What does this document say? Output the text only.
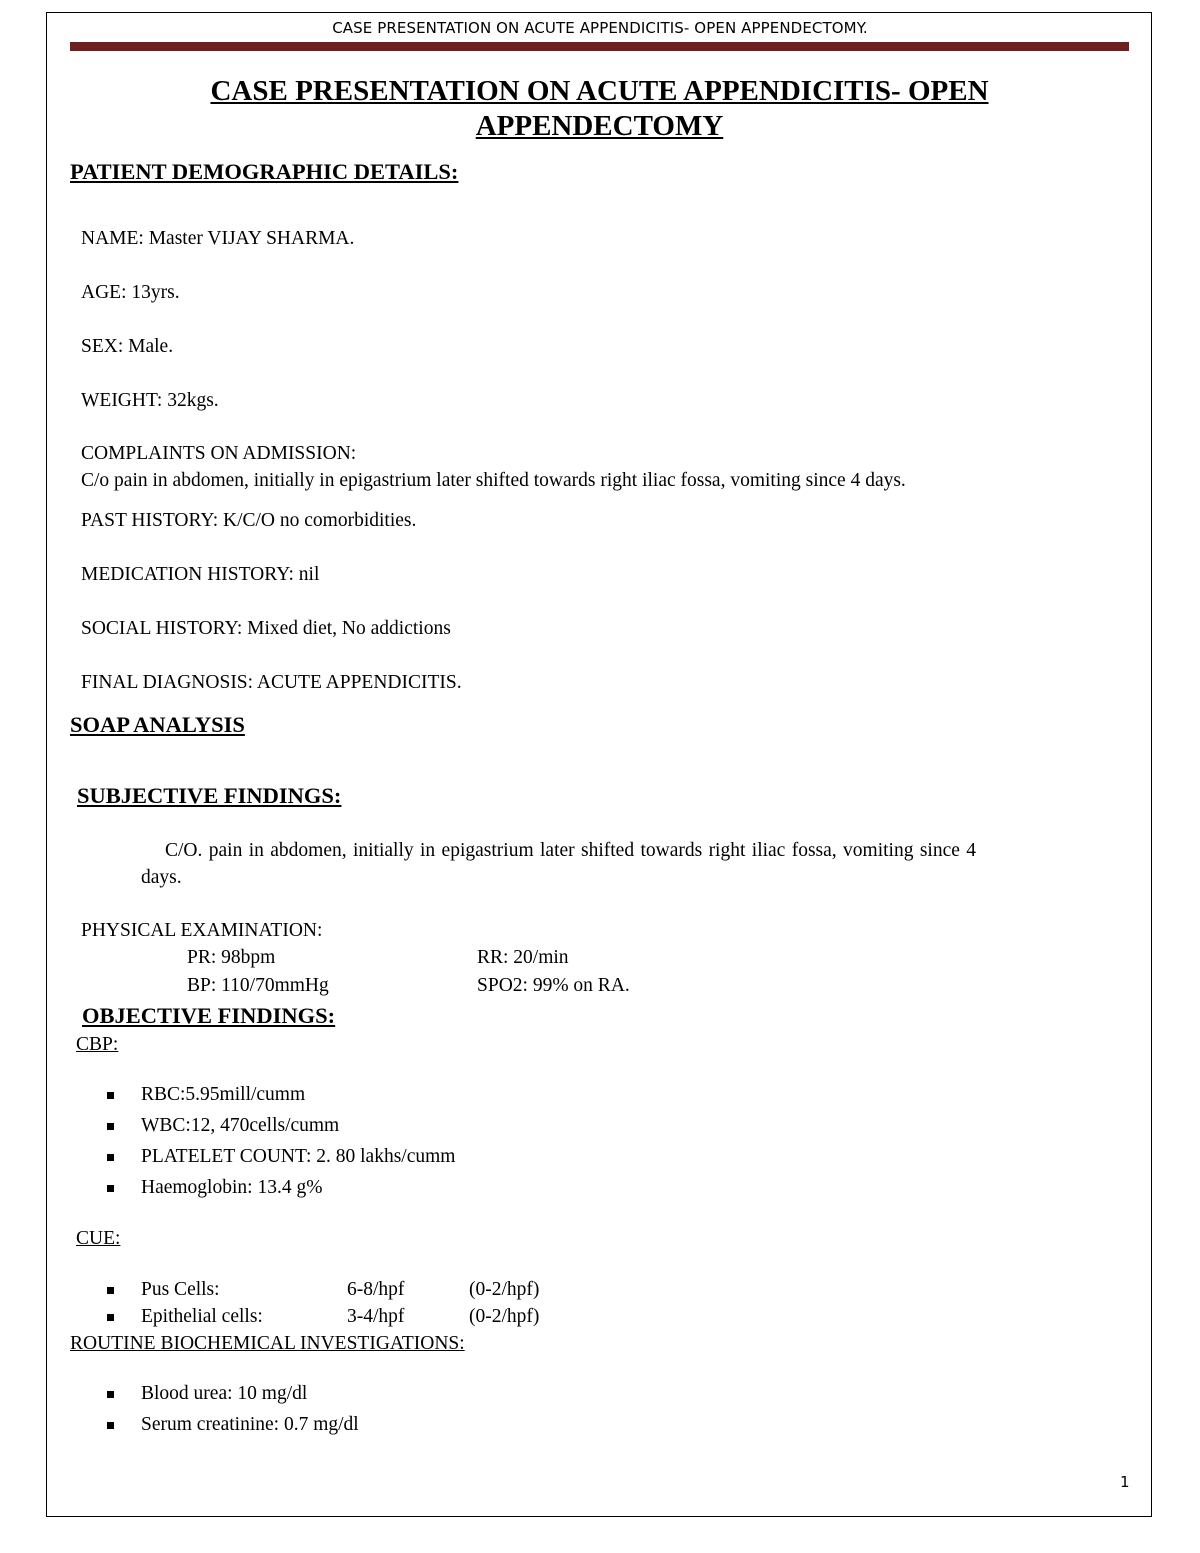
CASE PRESENTATION ON ACUTE APPENDICITIS- OPEN APPENDECTOMY.
CASE PRESENTATION ON ACUTE APPENDICITIS- OPEN
APPENDECTOMY
PATIENT DEMOGRAPHIC DETAILS:
NAME: Master VIJAY SHARMA.
AGE: 13yrs.
SEX: Male.
WEIGHT: 32kgs.
COMPLAINTS ON ADMISSION:
C/o pain in abdomen, initially in epigastrium later shifted towards right iliac fossa, vomiting since 4 days.
PAST HISTORY: K/C/O no comorbidities.
MEDICATION HISTORY: nil
SOCIAL HISTORY: Mixed diet, No addictions
FINAL DIAGNOSIS: ACUTE APPENDICITIS.
SOAP ANALYSIS
SUBJECTIVE FINDINGS:
C/O. pain in abdomen, initially in epigastrium later shifted towards right iliac fossa, vomiting since 4
days.
PHYSICAL EXAMINATION:
PR: 98bpm	RR: 20/min
BP: 110/70mmHg	SPO2: 99% on RA.
OBJECTIVE FINDINGS:
CBP:
RBC:5.95mill/cumm
WBC:12, 470cells/cumm
PLATELET COUNT: 2. 80 lakhs/cumm
Haemoglobin: 13.4 g%
CUE:
Pus Cells:	6-8/hpf	(0-2/hpf)
Epithelial cells:	3-4/hpf	(0-2/hpf)
ROUTINE BIOCHEMICAL INVESTIGATIONS:
Blood urea: 10 mg/dl
Serum creatinine: 0.7 mg/dl
1
